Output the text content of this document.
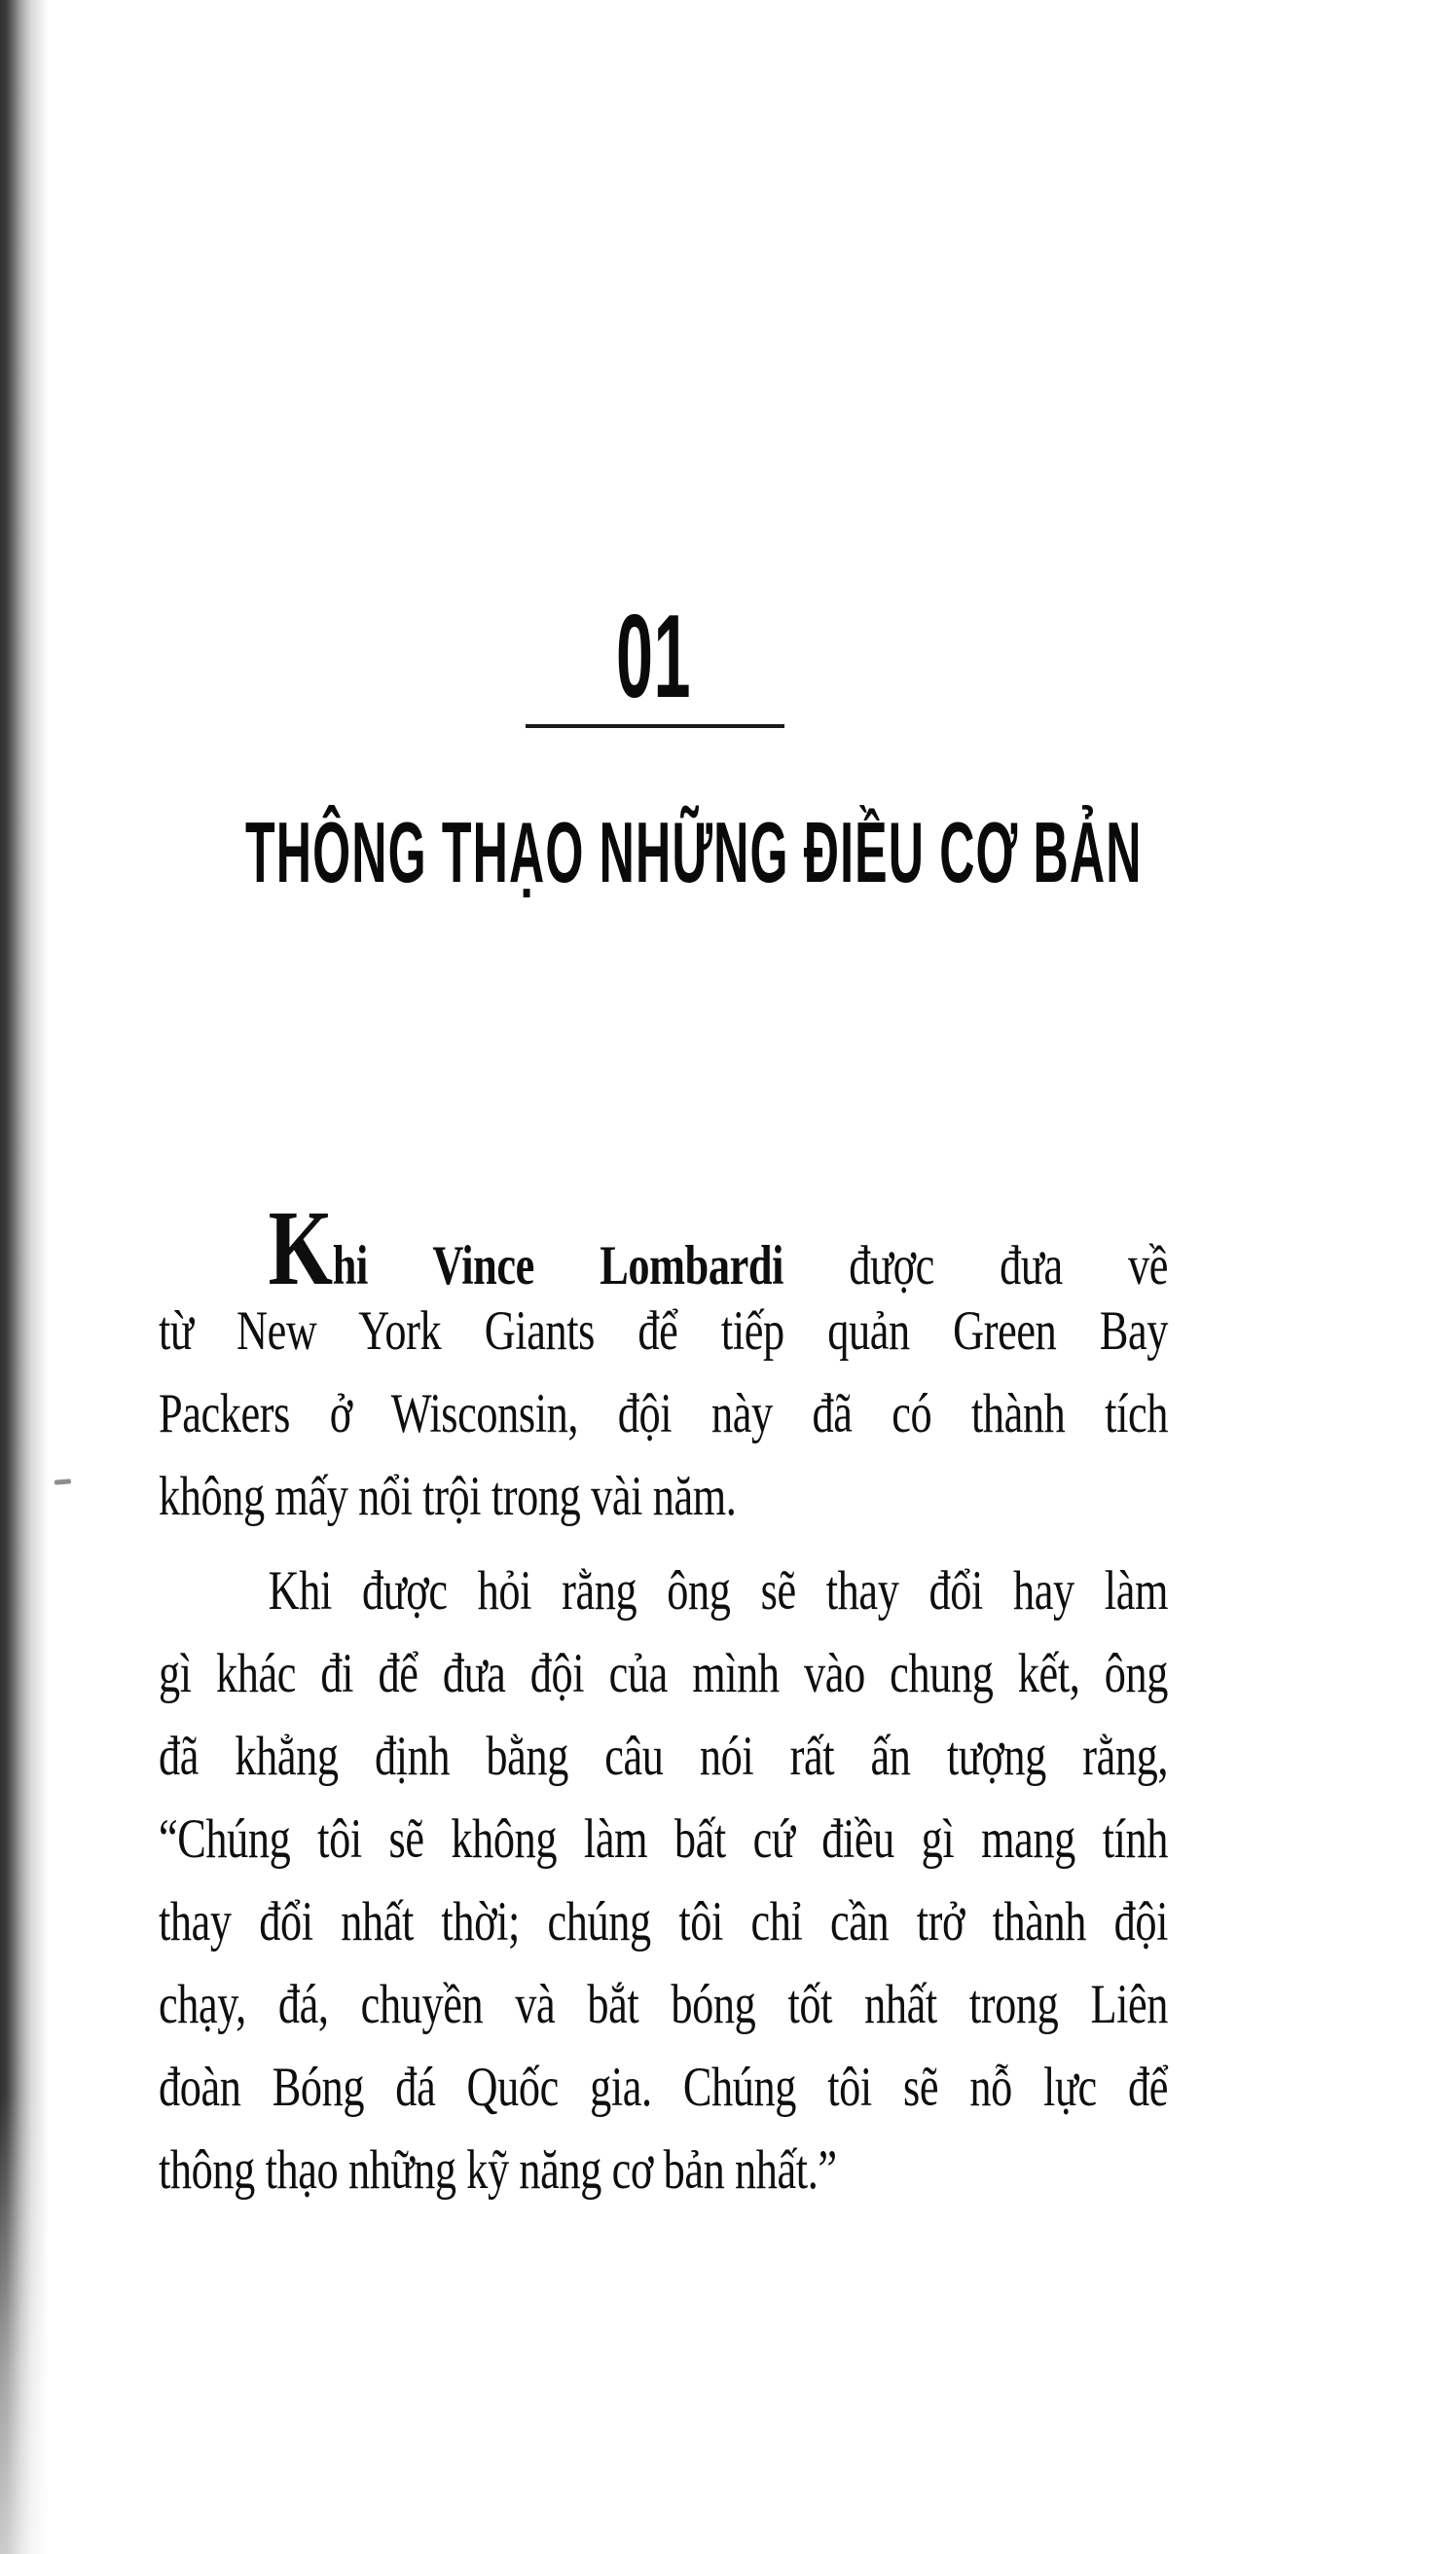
01
THÔNG THẠO NHỮNG ĐIỀU CƠ BẢN
Khi Vince Lombardi được đưa về
từ New York Giants để tiếp quản Green Bay
Packers ở Wisconsin, đội này đã có thành tích
không mấy nổi trội trong vài năm.
Khi được hỏi rằng ông sẽ thay đổi hay làm
gì khác đi để đưa đội của mình vào chung kết, ông
đã khẳng định bằng câu nói rất ấn tượng rằng,
“Chúng tôi sẽ không làm bất cứ điều gì mang tính
thay đổi nhất thời; chúng tôi chỉ cần trở thành đội
chạy, đá, chuyền và bắt bóng tốt nhất trong Liên
đoàn Bóng đá Quốc gia. Chúng tôi sẽ nỗ lực để
thông thạo những kỹ năng cơ bản nhất.”
